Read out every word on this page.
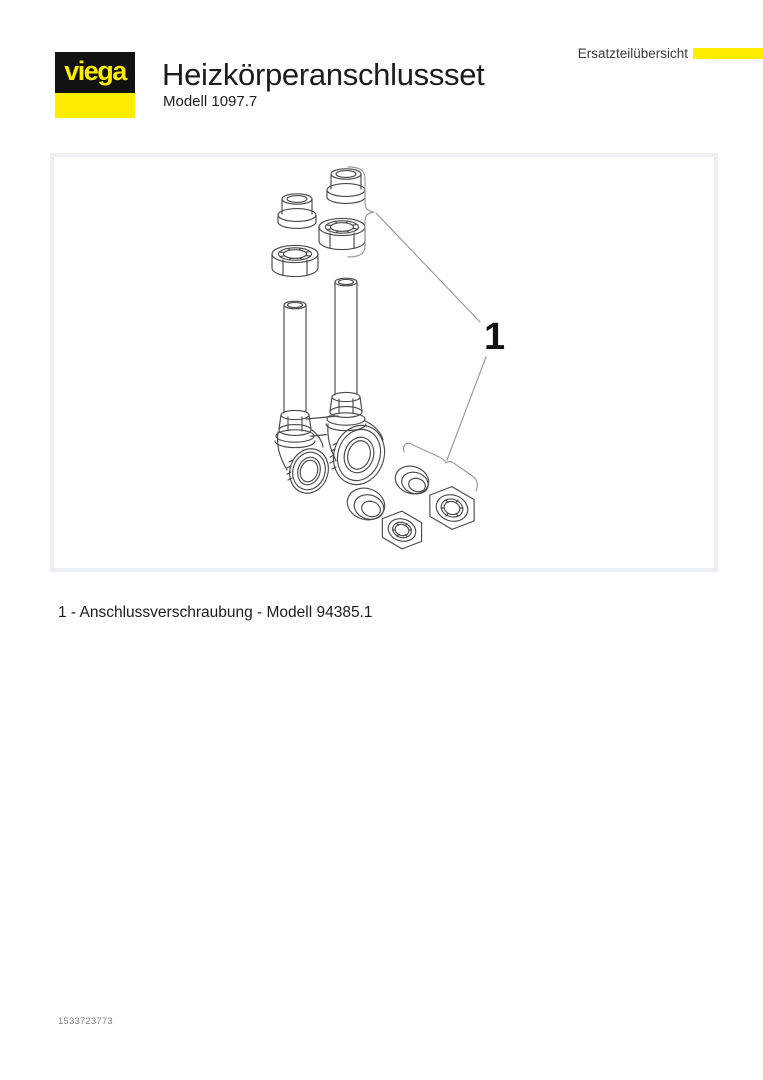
viega Heizkörperanschlussset
Modell 1097.7
Ersatzteilübersicht
1
1 - Anschlussverschraubung - Modell 94385.1
1533723773
